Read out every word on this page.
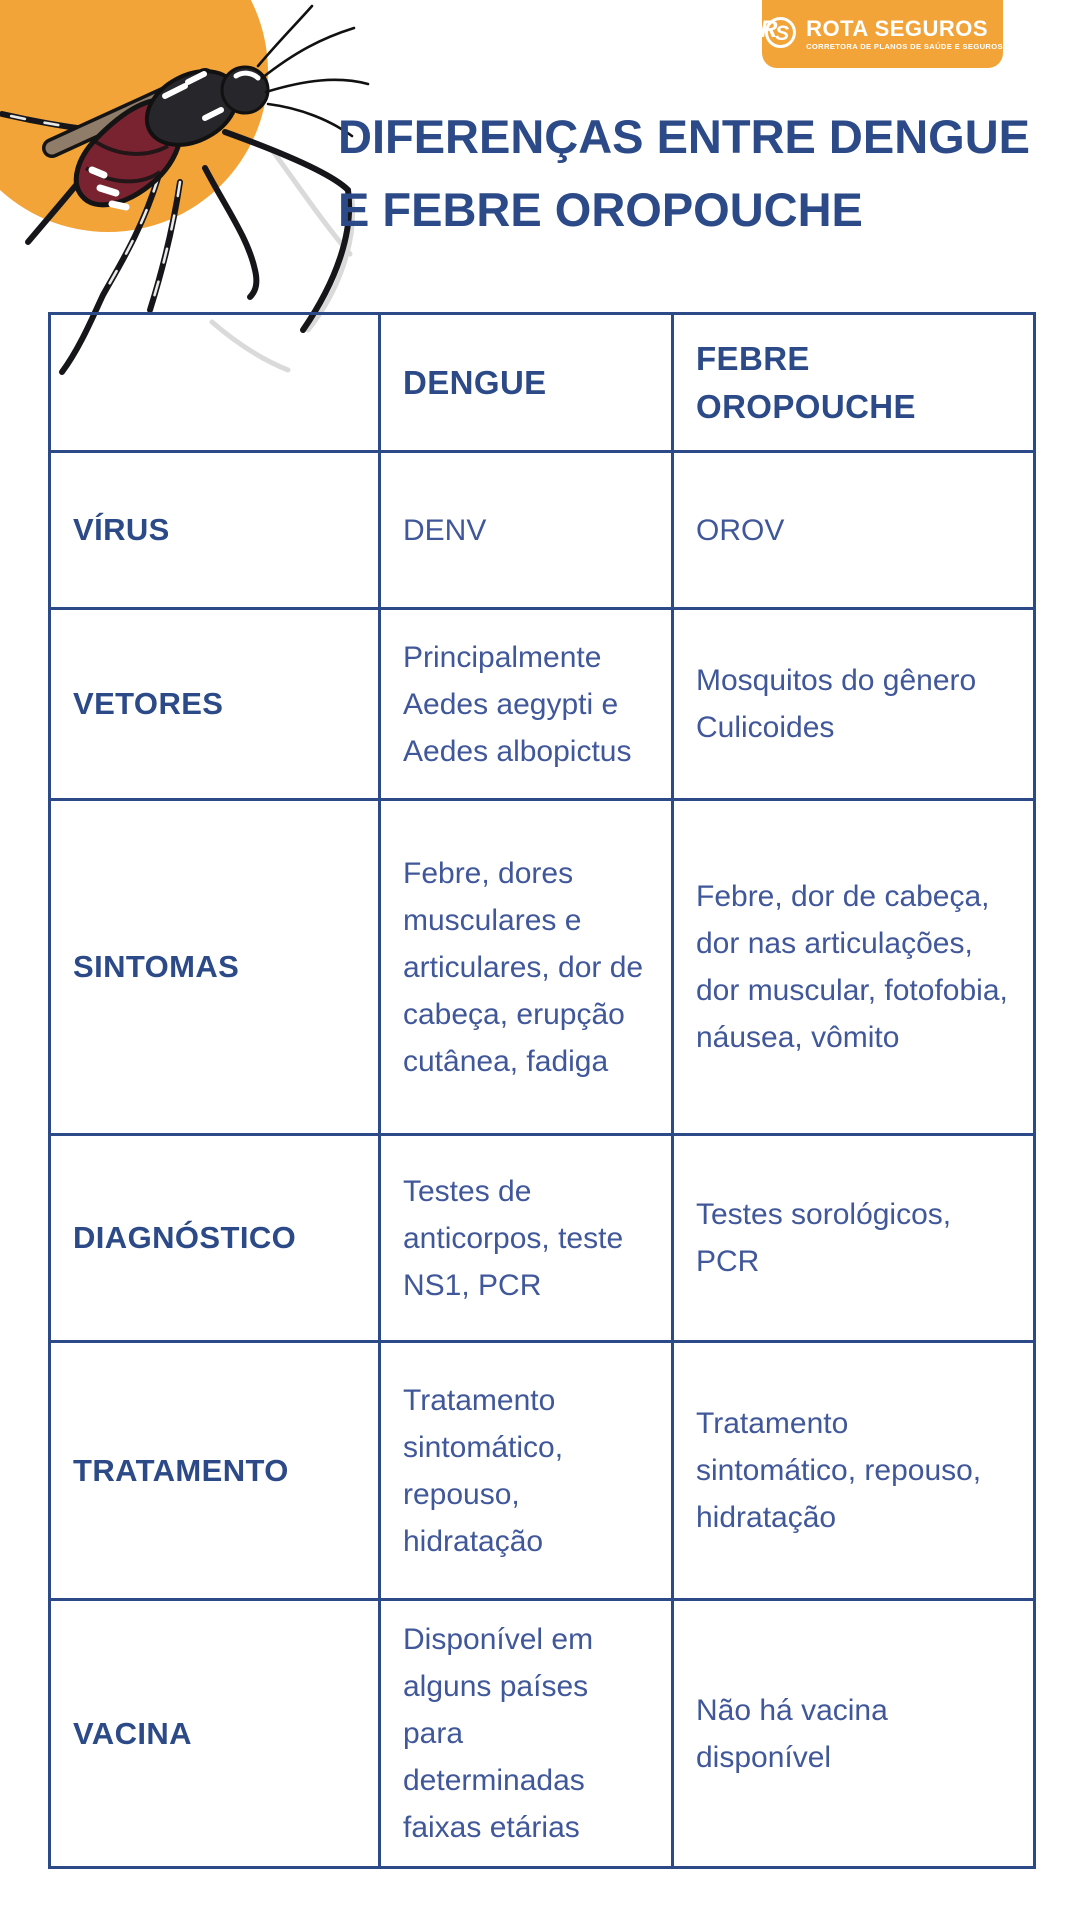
R
S ROTA SEGUROS
CORRETORA DE PLANOS DE SAÚDE E SEGUROS
DIFERENÇAS ENTRE DENGUE
E FEBRE OROPOUCHE
	DENGUE	FEBRE OROPOUCHE
VÍRUS	DENV	OROV
VETORES	Principalmente Aedes aegypti e Aedes albopictus	Mosquitos do gênero Culicoides
SINTOMAS	Febre, dores musculares e articulares, dor de cabeça, erupção cutânea, fadiga	Febre, dor de cabeça, dor nas articulações, dor muscular, fotofobia, náusea, vômito
DIAGNÓSTICO	Testes de anticorpos, teste NS1, PCR	Testes sorológicos, PCR
TRATAMENTO	Tratamento sintomático, repouso, hidratação	Tratamento sintomático, repouso, hidratação
VACINA	Disponível em alguns países para determinadas faixas etárias	Não há vacina disponível
